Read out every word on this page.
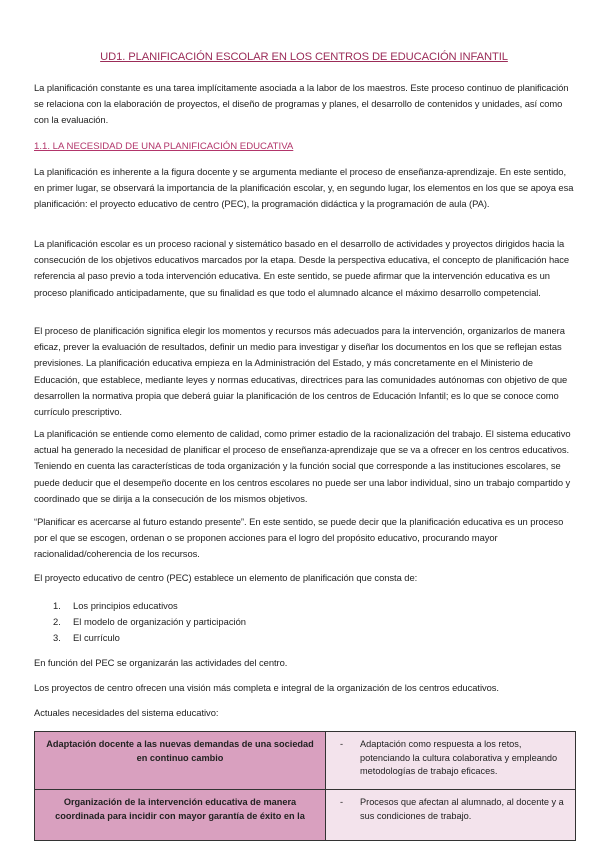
UD1. PLANIFICACIÓN ESCOLAR EN LOS CENTROS DE EDUCACIÓN INFANTIL

La planificación constante es una tarea implícitamente asociada a la labor de los maestros. Este proceso continuo de planificación se relaciona con la elaboración de proyectos, el diseño de programas y planes, el desarrollo de contenidos y unidades, así como con la evaluación.

1.1. LA NECESIDAD DE UNA PLANIFICACIÓN EDUCATIVA

La planificación es inherente a la figura docente y se argumenta mediante el proceso de enseñanza-aprendizaje. En este sentido, en primer lugar, se observará la importancia de la planificación escolar, y, en segundo lugar, los elementos en los que se apoya esa planificación: el proyecto educativo de centro (PEC), la programación didáctica y la programación de aula (PA).

La planificación escolar es un proceso racional y sistemático basado en el desarrollo de actividades y proyectos dirigidos hacia la consecución de los objetivos educativos marcados por la etapa. Desde la perspectiva educativa, el concepto de planificación hace referencia al paso previo a toda intervención educativa. En este sentido, se puede afirmar que la intervención educativa es un proceso planificado anticipadamente, que su finalidad es que todo el alumnado alcance el máximo desarrollo competencial.

El proceso de planificación significa elegir los momentos y recursos más adecuados para la intervención, organizarlos de manera eficaz, prever la evaluación de resultados, definir un medio para investigar y diseñar los documentos en los que se reflejan estas previsiones. La planificación educativa empieza en la Administración del Estado, y más concretamente en el Ministerio de Educación, que establece, mediante leyes y normas educativas, directrices para las comunidades autónomas con objetivo de que desarrollen la normativa propia que deberá guiar la planificación de los centros de Educación Infantil; es lo que se conoce como currículo prescriptivo.

La planificación se entiende como elemento de calidad, como primer estadio de la racionalización del trabajo. El sistema educativo actual ha generado la necesidad de planificar el proceso de enseñanza-aprendizaje que se va a ofrecer en los centros educativos. Teniendo en cuenta las características de toda organización y la función social que corresponde a las instituciones escolares, se puede deducir que el desempeño docente en los centros escolares no puede ser una labor individual, sino un trabajo compartido y coordinado que se dirija a la consecución de los mismos objetivos.

“Planificar es acercarse al futuro estando presente”. En este sentido, se puede decir que la planificación educativa es un proceso por el que se escogen, ordenan o se proponen acciones para el logro del propósito educativo, procurando mayor racionalidad/coherencia de los recursos.

El proyecto educativo de centro (PEC) establece un elemento de planificación que consta de:

1. Los principios educativos
2. El modelo de organización y participación
3. El currículo

En función del PEC se organizarán las actividades del centro.

Los proyectos de centro ofrecen una visión más completa e integral de la organización de los centros educativos.

Actuales necesidades del sistema educativo:

Adaptación docente a las nuevas demandas de una sociedad en continuo cambio	- Adaptación como respuesta a los retos, potenciando la cultura colaborativa y empleando metodologías de trabajo eficaces.

Organización de la intervención educativa de manera coordinada para incidir con mayor garantía de éxito en la	- Procesos que afectan al alumnado, al docente y a sus condiciones de trabajo.
